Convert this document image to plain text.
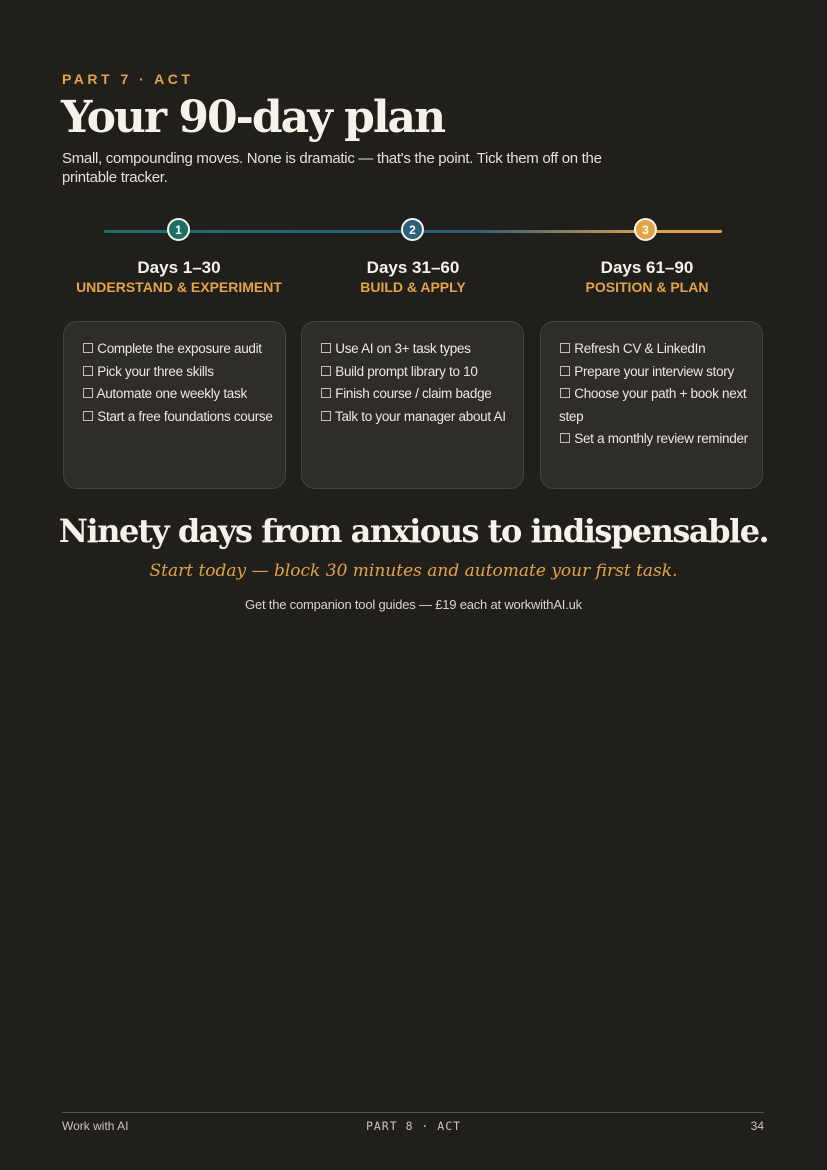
PART 7 · ACT
Your 90-day plan
Small, compounding moves. None is dramatic — that's the point. Tick them off on the printable tracker.
1	2	3
Days 1–30
UNDERSTAND & EXPERIMENT
Days 31–60
BUILD & APPLY
Days 61–90
POSITION & PLAN
☐ Complete the exposure audit
☐ Pick your three skills
☐ Automate one weekly task
☐ Start a free foundations course
☐ Use AI on 3+ task types
☐ Build prompt library to 10
☐ Finish course / claim badge
☐ Talk to your manager about AI
☐ Refresh CV & LinkedIn
☐ Prepare your interview story
☐ Choose your path + book next step
☐ Set a monthly review reminder
Ninety days from anxious to indispensable.
Start today — block 30 minutes and automate your first task.
Get the companion tool guides — £19 each at workwithAI.uk
Work with AI	PART 8 · ACT	34
